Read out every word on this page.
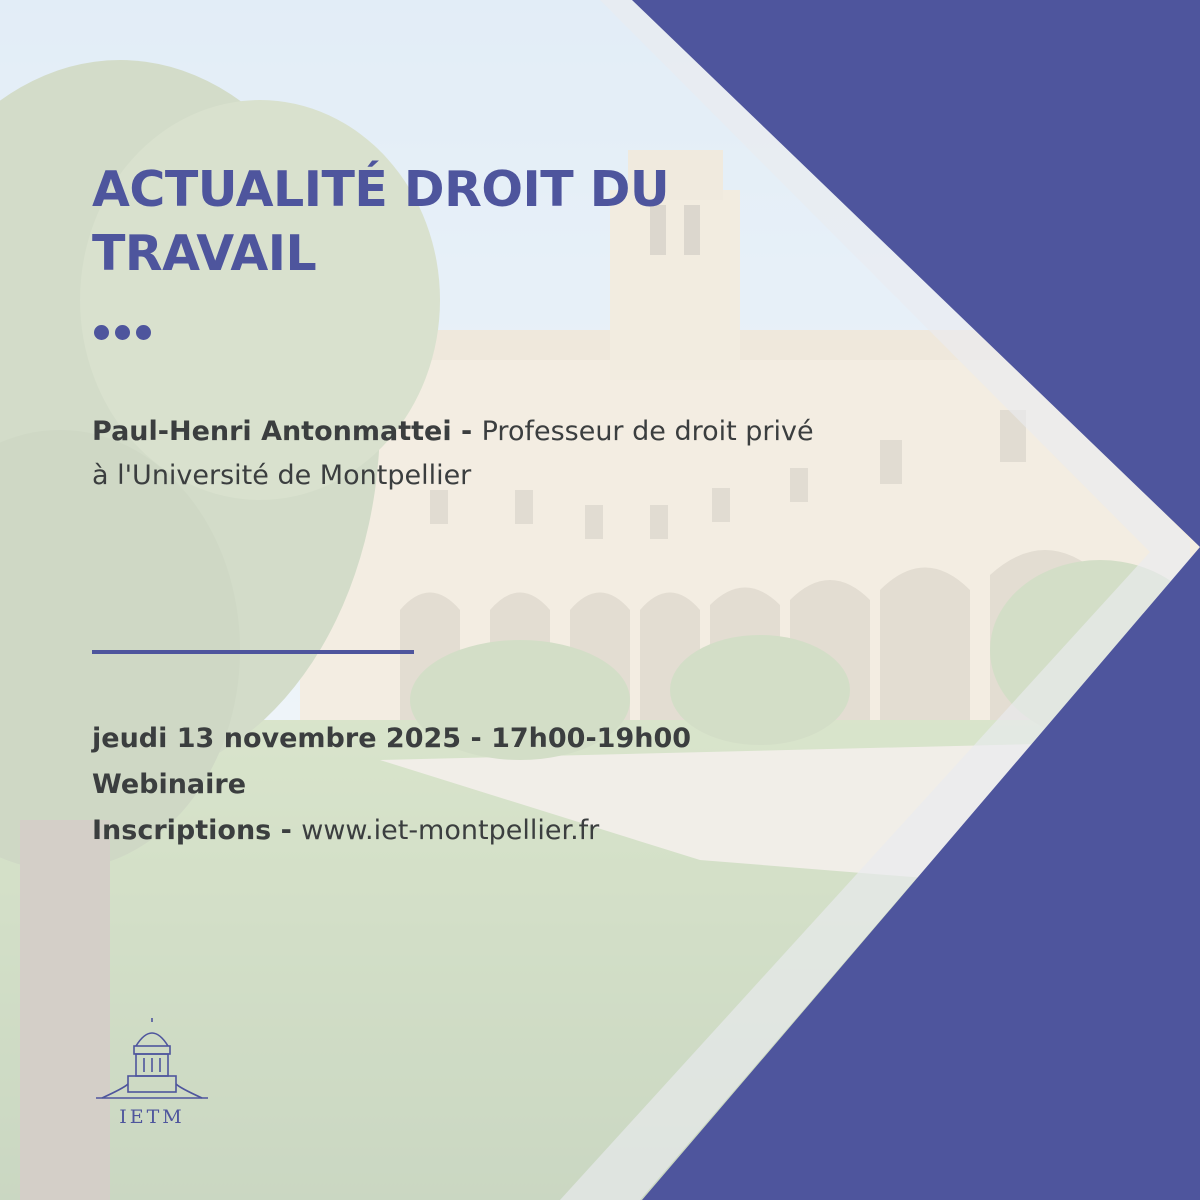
ACTUALITÉ DROIT DU
TRAVAIL

Paul-Henri Antonmattei - Professeur de droit privé
à l'Université de Montpellier

jeudi 13 novembre 2025 - 17h00-19h00
Webinaire
Inscriptions - www.iet-montpellier.fr
IETM
